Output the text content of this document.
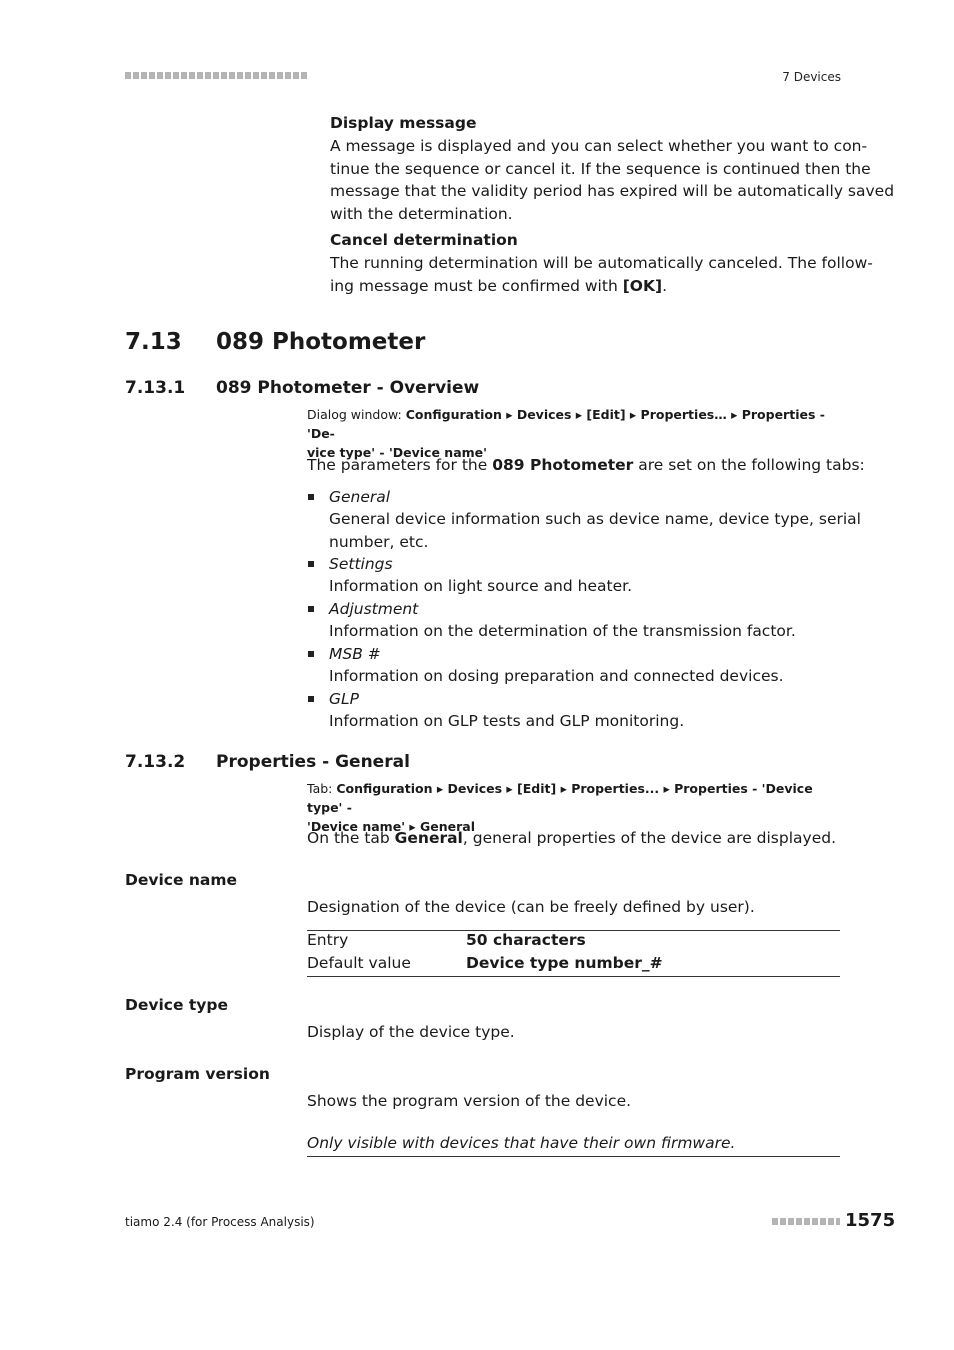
7 Devices
Display message
A message is displayed and you can select whether you want to con-
tinue the sequence or cancel it. If the sequence is continued then the
message that the validity period has expired will be automatically saved
with the determination.
Cancel determination
The running determination will be automatically canceled. The follow-
ing message must be confirmed with [OK].
7.13 089 Photometer
7.13.1 089 Photometer - Overview
Dialog window: Configuration ▸ Devices ▸ [Edit] ▸ Properties… ▸ Properties - 'De-
vice type' - 'Device name'
The parameters for the 089 Photometer are set on the following tabs:
General
General device information such as device name, device type, serial
number, etc.
Settings
Information on light source and heater.
Adjustment
Information on the determination of the transmission factor.
MSB #
Information on dosing preparation and connected devices.
GLP
Information on GLP tests and GLP monitoring.
7.13.2 Properties - General
Tab: Configuration ▸ Devices ▸ [Edit] ▸ Properties... ▸ Properties - 'Device type' -
'Device name' ▸ General
On the tab General, general properties of the device are displayed.
Device name
Designation of the device (can be freely defined by user).
Entry	50 characters
Default value	Device type number_#
Device type
Display of the device type.
Program version
Shows the program version of the device.
Only visible with devices that have their own firmware.
tiamo 2.4 (for Process Analysis)	1575
